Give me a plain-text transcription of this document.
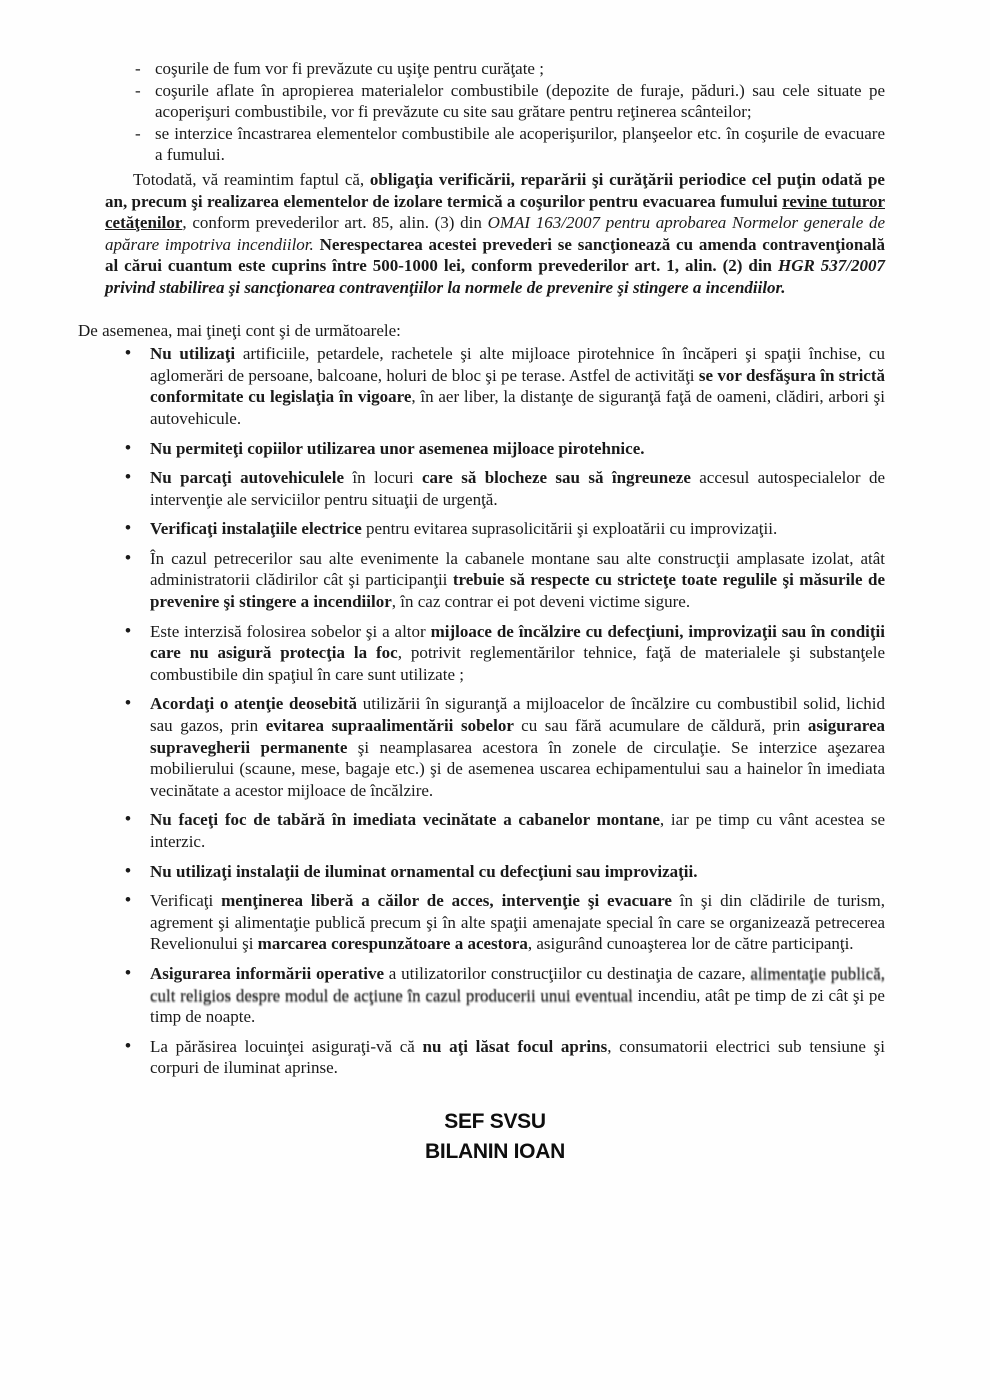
- coşurile de fum vor fi prevăzute cu uşiţe pentru curăţate ;
- coşurile aflate în apropierea materialelor combustibile (depozite de furaje, păduri.) sau cele situate pe acoperişuri combustibile, vor fi prevăzute cu site sau grătare pentru reţinerea scânteilor;
- se interzice încastrarea elementelor combustibile ale acoperişurilor, planşeelor etc. în coşurile de evacuare a fumului.

Totodată, vă reamintim faptul că, obligaţia verificării, reparării şi curăţării periodice cel puţin odată pe an, precum şi realizarea elementelor de izolare termică a coşurilor pentru evacuarea fumului revine tuturor cetăţenilor, conform prevederilor art. 85, alin. (3) din OMAI 163/2007 pentru aprobarea Normelor generale de apărare impotriva incendiilor. Nerespectarea acestei prevederi se sancţionează cu amenda contravenţională al cărui cuantum este cuprins între 500-1000 lei, conform prevederilor art. 1, alin. (2) din HGR 537/2007 privind stabilirea şi sancţionarea contravenţiilor la normele de prevenire şi stingere a incendiilor.

De asemenea, mai ţineţi cont şi de următoarele:

• Nu utilizaţi artificiile, petardele, rachetele şi alte mijloace pirotehnice în încăperi şi spaţii închise, cu aglomerări de persoane, balcoane, holuri de bloc şi pe terase. Astfel de activităţi se vor desfăşura în strictă conformitate cu legislaţia în vigoare, în aer liber, la distanţe de siguranţă faţă de oameni, clădiri, arbori şi autovehicule.
• Nu permiteţi copiilor utilizarea unor asemenea mijloace pirotehnice.
• Nu parcaţi autovehiculele în locuri care să blocheze sau să îngreuneze accesul autospecialelor de intervenţie ale serviciilor pentru situaţii de urgenţă.
• Verificaţi instalaţiile electrice pentru evitarea suprasolicitării şi exploatării cu improvizaţii.
• În cazul petrecerilor sau alte evenimente la cabanele montane sau alte construcţii amplasate izolat, atât administratorii clădirilor cât şi participanţii trebuie să respecte cu stricteţe toate regulile şi măsurile de prevenire şi stingere a incendiilor, în caz contrar ei pot deveni victime sigure.
• Este interzisă folosirea sobelor şi a altor mijloace de încălzire cu defecţiuni, improvizaţii sau în condiţii care nu asigură protecţia la foc, potrivit reglementărilor tehnice, faţă de materialele şi substanţele combustibile din spaţiul în care sunt utilizate ;
• Acordaţi o atenţie deosebită utilizării în siguranţă a mijloacelor de încălzire cu combustibil solid, lichid sau gazos, prin evitarea supraalimentării sobelor cu sau fără acumulare de căldură, prin asigurarea supravegherii permanente şi neamplasarea acestora în zonele de circulaţie. Se interzice aşezarea mobilierului (scaune, mese, bagaje etc.) şi de asemenea uscarea echipamentului sau a hainelor în imediata vecinătate a acestor mijloace de încălzire.
• Nu faceţi foc de tabără în imediata vecinătate a cabanelor montane, iar pe timp cu vânt acestea se interzic.
• Nu utilizaţi instalaţii de iluminat ornamental cu defecţiuni sau improvizaţii.
• Verificaţi menţinerea liberă a căilor de acces, intervenţie şi evacuare în şi din clădirile de turism, agrement şi alimentaţie publică precum şi în alte spaţii amenajate special în care se organizează petrecerea Revelionului şi marcarea corespunzătoare a acestora, asigurând cunoaşterea lor de către participanţi.
• Asigurarea informării operative a utilizatorilor construcţiilor cu destinaţia de cazare, alimentaţie publică, cult religios despre modul de acţiune în cazul producerii unui eventual incendiu, atât pe timp de zi cât şi pe timp de noapte.
• La părăsirea locuinţei asiguraţi-vă că nu aţi lăsat focul aprins, consumatorii electrici sub tensiune şi corpuri de iluminat aprinse.
SEF SVSU
BILANIN IOAN
